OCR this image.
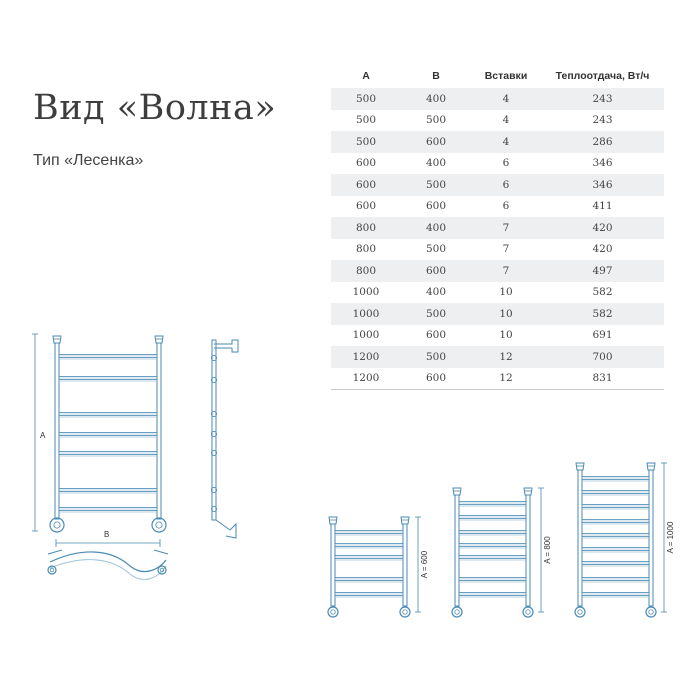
Вид «Волна»

Тип «Лесенка»

A	B	Вставки	Теплоотдача, Вт/ч
500	400	4	243
500	500	4	243
500	600	4	286
600	400	6	346
600	500	6	346
600	600	6	411
800	400	7	420
800	500	7	420
800	600	7	497
1000	400	10	582
1000	500	10	582
1000	600	10	691
1200	500	12	700
1200	600	12	831
A
B
A = 600
A = 800	A = 1000
